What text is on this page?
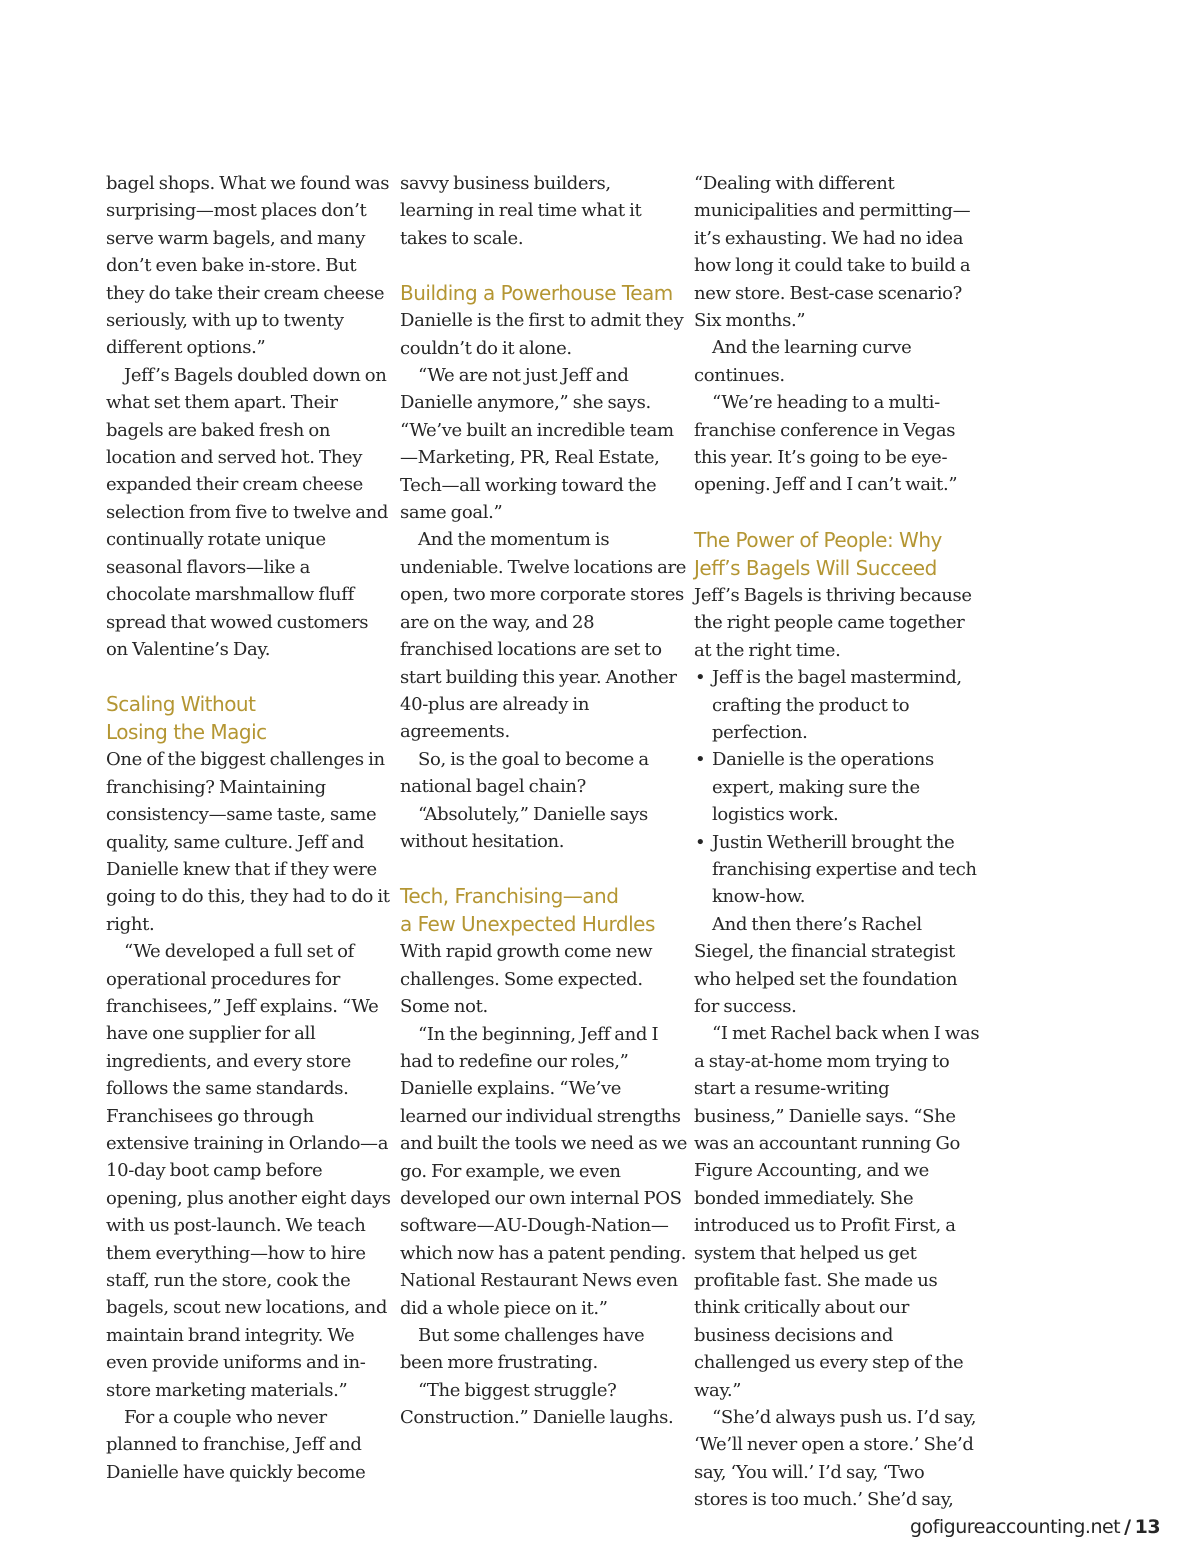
bagel shops. What we found was surprising—most places don’t serve warm bagels, and many don’t even bake in-store. But they do take their cream cheese seriously, with up to twenty different options.”

Jeff’s Bagels doubled down on what set them apart. Their bagels are baked fresh on location and served hot. They expanded their cream cheese selection from five to twelve and continually rotate unique seasonal flavors—like a chocolate marshmallow fluff spread that wowed customers on Valentine’s Day.

Scaling Without
Losing the Magic

One of the biggest challenges in franchising? Maintaining consistency—same taste, same quality, same culture. Jeff and Danielle knew that if they were going to do this, they had to do it right.

“We developed a full set of operational procedures for franchisees,” Jeff explains. “We have one supplier for all ingredients, and every store follows the same standards. Franchisees go through extensive training in Orlando—a 10-day boot camp before opening, plus another eight days with us post-launch. We teach them everything—how to hire staff, run the store, cook the bagels, scout new locations, and maintain brand integrity. We even provide uniforms and in-store marketing materials.”

For a couple who never planned to franchise, Jeff and Danielle have quickly become

savvy business builders, learning in real time what it takes to scale.

Building a Powerhouse Team

Danielle is the first to admit they couldn’t do it alone.

“We are not just Jeff and Danielle anymore,” she says. “We’ve built an incredible team—Marketing, PR, Real Estate, Tech—all working toward the same goal.”

And the momentum is undeniable. Twelve locations are open, two more corporate stores are on the way, and 28 franchised locations are set to start building this year. Another 40-plus are already in agreements.

So, is the goal to become a national bagel chain?

“Absolutely,” Danielle says without hesitation.

Tech, Franchising—and
a Few Unexpected Hurdles

With rapid growth come new challenges. Some expected. Some not.

“In the beginning, Jeff and I had to redefine our roles,” Danielle explains. “We’ve learned our individual strengths and built the tools we need as we go. For example, we even developed our own internal POS software—AU-Dough-Nation—which now has a patent pending. National Restaurant News even did a whole piece on it.”

But some challenges have been more frustrating.

“The biggest struggle? Construction.” Danielle laughs.

“Dealing with different municipalities and permitting—it’s exhausting. We had no idea how long it could take to build a new store. Best-case scenario? Six months.”

And the learning curve continues.

“We’re heading to a multi-franchise conference in Vegas this year. It’s going to be eye-opening. Jeff and I can’t wait.”

The Power of People: Why
Jeff’s Bagels Will Succeed

Jeff’s Bagels is thriving because the right people came together at the right time.

• Jeff is the bagel mastermind, crafting the product to perfection.
• Danielle is the operations expert, making sure the logistics work.
• Justin Wetherill brought the franchising expertise and tech know-how.

And then there’s Rachel Siegel, the financial strategist who helped set the foundation for success.

“I met Rachel back when I was a stay-at-home mom trying to start a resume-writing business,” Danielle says. “She was an accountant running Go Figure Accounting, and we bonded immediately. She introduced us to Profit First, a system that helped us get profitable fast. She made us think critically about our business decisions and challenged us every step of the way.”

“She’d always push us. I’d say, ‘We’ll never open a store.’ She’d say, ‘You will.’ I’d say, ‘Two stores is too much.’ She’d say,

gofigureaccounting.net / 13
